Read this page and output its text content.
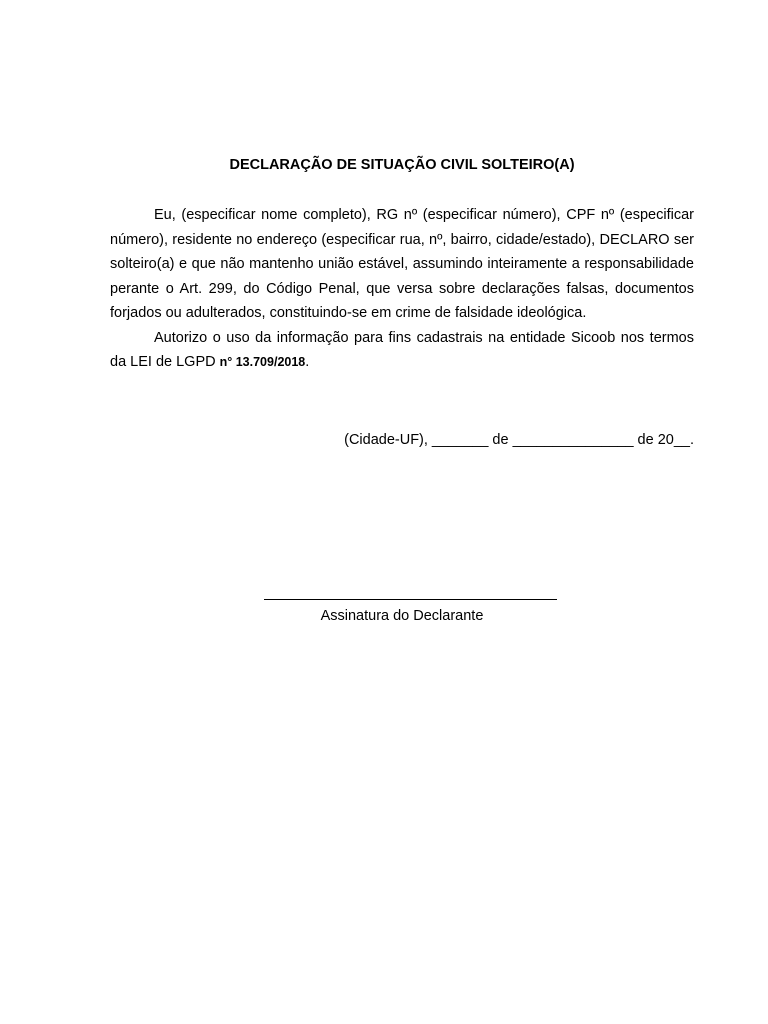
DECLARAÇÃO DE SITUAÇÃO CIVIL SOLTEIRO(A)

Eu, (especificar nome completo), RG nº (especificar número), CPF nº (especificar número), residente no endereço (especificar rua, nº, bairro, cidade/estado), DECLARO ser solteiro(a) e que não mantenho união estável, assumindo inteiramente a responsabilidade perante o Art. 299, do Código Penal, que versa sobre declarações falsas, documentos forjados ou adulterados, constituindo-se em crime de falsidade ideológica.

Autorizo o uso da informação para fins cadastrais na entidade Sicoob nos termos da LEI de LGPD n° 13.709/2018.

(Cidade-UF), _______ de _______________ de 20__.
Assinatura do Declarante
